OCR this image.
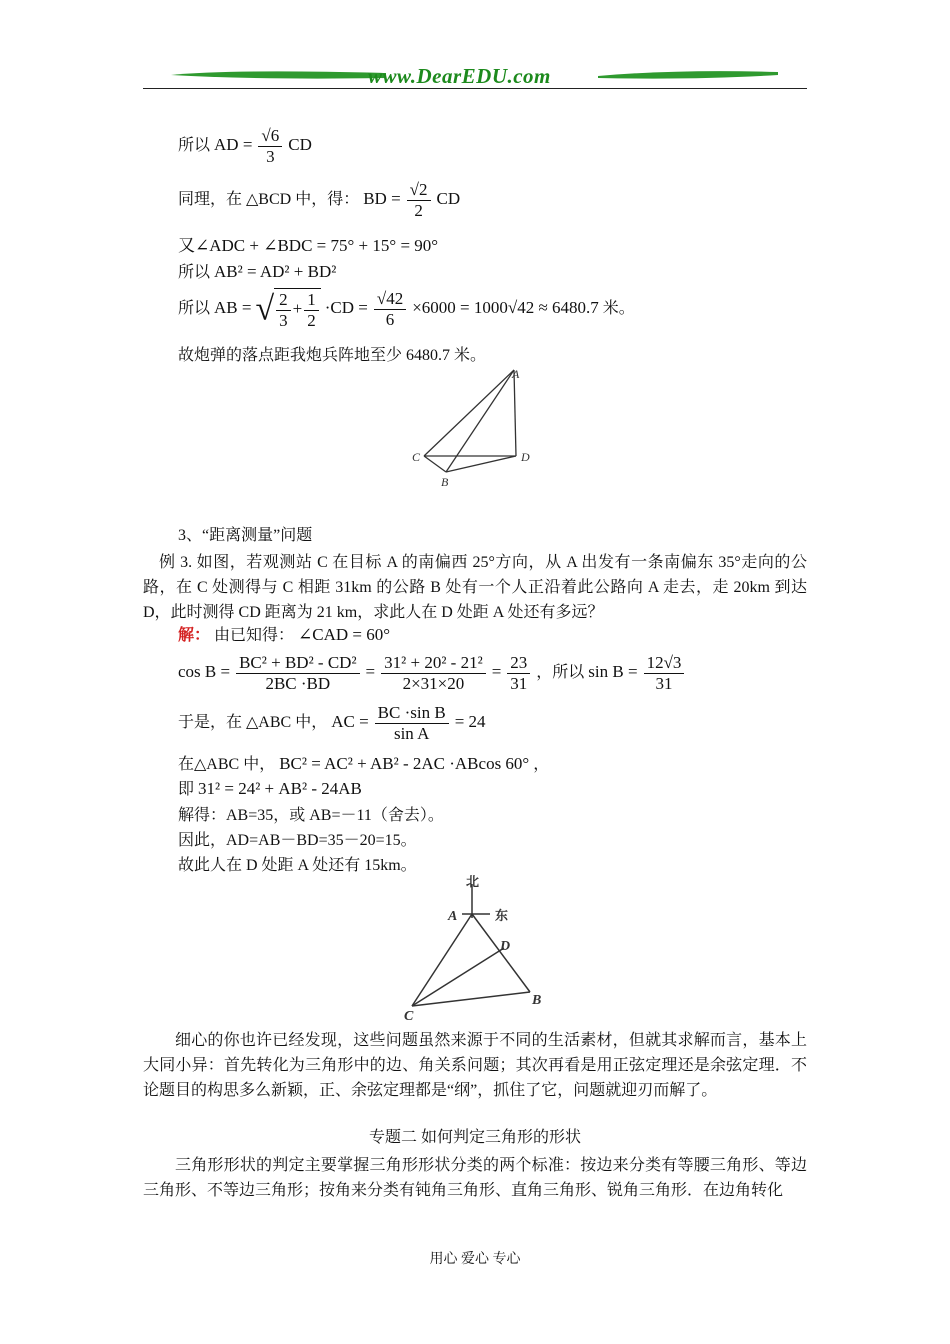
www.DearEDU.com
所以 AD = $\frac{√6}{3}$ CD
同理，在 △BCD 中，得： BD = $\frac{√2}{2}$ CD
又∠ADC + ∠BDC = 75° + 15° = 90°
所以 AB² = AD² + BD²
所以 AB = √ $\frac{2}{3} + \frac{1}{2} \cdot CD = \frac{√42}{6} \times 6000 = 1000√42 \approx 6480.7$ 米。
故炮弹的落点距我炮兵阵地至少 6480.7 米。
A
C	D
B
3、“距离测量”问题
例 3. 如图，若观测站 C 在目标 A 的南偏西 25°方向，从 A 出发有一条南偏东 35°走向的公路，在 C 处测得与 C 相距 31km 的公路 B 处有一个人正沿着此公路向 A 走去，走 20km 到达 D，此时测得 CD 距离为 21 km，求此人在 D 处距 A 处还有多远？
解： 由已知得： ∠CAD = 60°
$\cos B = \frac{\text{BC² + BD² - CD²}}{2BC \cdot BD} = \frac{\text{31² + 20² - 21²}}{2\times 31\times 20} = \frac{23}{31}$ ，所以 $\sin B = \frac{12√3}{31}$
于是，在 △ABC 中， AC = $\frac{\text{BC ·sin B}}{\text{sin A}} = 24$
在△ABC 中， BC² = AC² + AB² - 2AC ·ABcos 60° ，
即 31² = 24² + AB² - 24AB
解得：AB=35，或 AB=－11（舍去）。
因此，AD=AB－BD=35－20=15。
故此人在 D 处距 A 处还有 15km。
北
东
A
D
B
C
细心的你也许已经发现，这些问题虽然来源于不同的生活素材，但就其求解而言，基本上大同小异：首先转化为三角形中的边、角关系问题；其次再看是用正弦定理还是余弦定理．不论题目的构思多么新颖，正、余弦定理都是“纲”，抓住了它，问题就迎刃而解了。
专题二 如何判定三角形的形状
三角形形状的判定主要掌握三角形形状分类的两个标准：按边来分类有等腰三角形、等边三角形、不等边三角形；按角来分类有钝角三角形、直角三角形、锐角三角形．在边角转化
用心 爱心 专心
